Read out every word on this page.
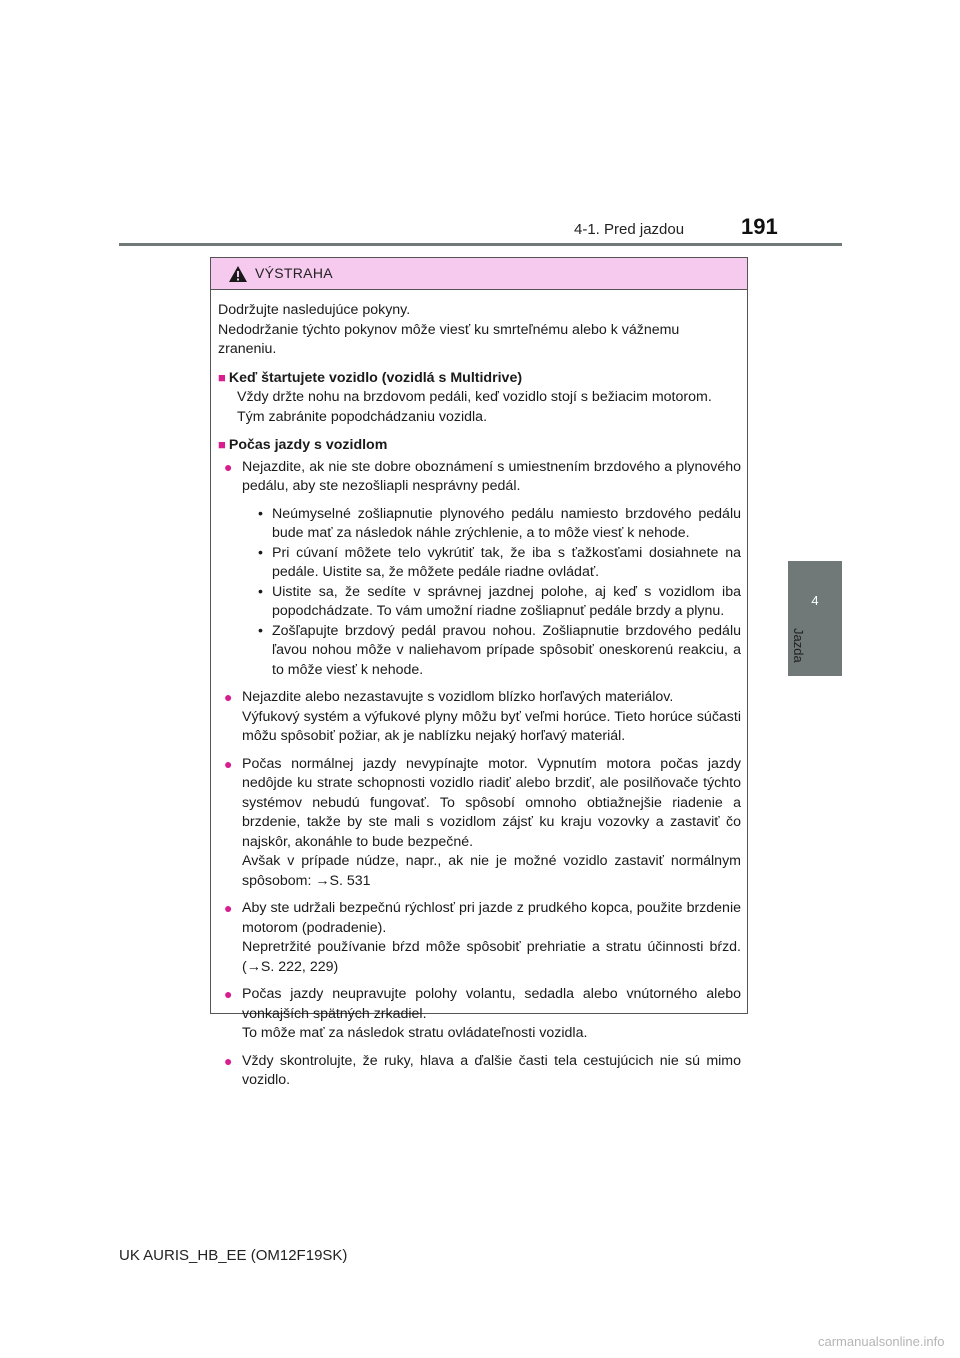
4-1. Pred jazdou	191
4
Jazda
VÝSTRAHA

Dodržujte nasledujúce pokyny.

Nedodržanie týchto pokynov môže viesť ku smrteľnému alebo k vážnemu zraneniu.

■ Keď štartujete vozidlo (vozidlá s Multidrive)

Vždy držte nohu na brzdovom pedáli, keď vozidlo stojí s bežiacim motorom. Tým zabránite popodchádzaniu vozidla.

■ Počas jazdy s vozidlom

● Nejazdite, ak nie ste dobre oboznámení s umiestnením brzdového a plynového pedálu, aby ste nezošliapli nesprávny pedál.

• Neúmyselné zošliapnutie plynového pedálu namiesto brzdového pedálu bude mať za následok náhle zrýchlenie, a to môže viesť k nehode.
• Pri cúvaní môžete telo vykrútiť tak, že iba s ťažkosťami dosiahnete na pedále. Uistite sa, že môžete pedále riadne ovládať.
• Uistite sa, že sedíte v správnej jazdnej polohe, aj keď s vozidlom iba popodchádzate. To vám umožní riadne zošliapnuť pedále brzdy a plynu.
• Zošľapujte brzdový pedál pravou nohou. Zošliapnutie brzdového pedálu ľavou nohou môže v naliehavom prípade spôsobiť oneskorenú reakciu, a to môže viesť k nehode.
● Nejazdite alebo nezastavujte s vozidlom blízko horľavých materiálov.

Výfukový systém a výfukové plyny môžu byť veľmi horúce. Tieto horúce súčasti môžu spôsobiť požiar, ak je nablízku nejaký horľavý materiál.

● Počas normálnej jazdy nevypínajte motor. Vypnutím motora počas jazdy nedôjde ku strate schopnosti vozidlo riadiť alebo brzdiť, ale posilňovače týchto systémov nebudú fungovať. To spôsobí omnoho obtiažnejšie riadenie a brzdenie, takže by ste mali s vozidlom zájsť ku kraju vozovky a zastaviť čo najskôr, akonáhle to bude bezpečné.

Avšak v prípade núdze, napr., ak nie je možné vozidlo zastaviť normálnym spôsobom: →S. 531

● Aby ste udržali bezpečnú rýchlosť pri jazde z prudkého kopca, použite brzdenie motorom (podradenie).

Nepretržité používanie bŕzd môže spôsobiť prehriatie a stratu účinnosti bŕzd. (→S. 222, 229)

● Počas jazdy neupravujte polohy volantu, sedadla alebo vnútorného alebo vonkajších spätných zrkadiel.

To môže mať za následok stratu ovládateľnosti vozidla.

● Vždy skontrolujte, že ruky, hlava a ďalšie časti tela cestujúcich nie sú mimo vozidlo.

UK AURIS_HB_EE (OM12F19SK)
carmanualsonline.info
